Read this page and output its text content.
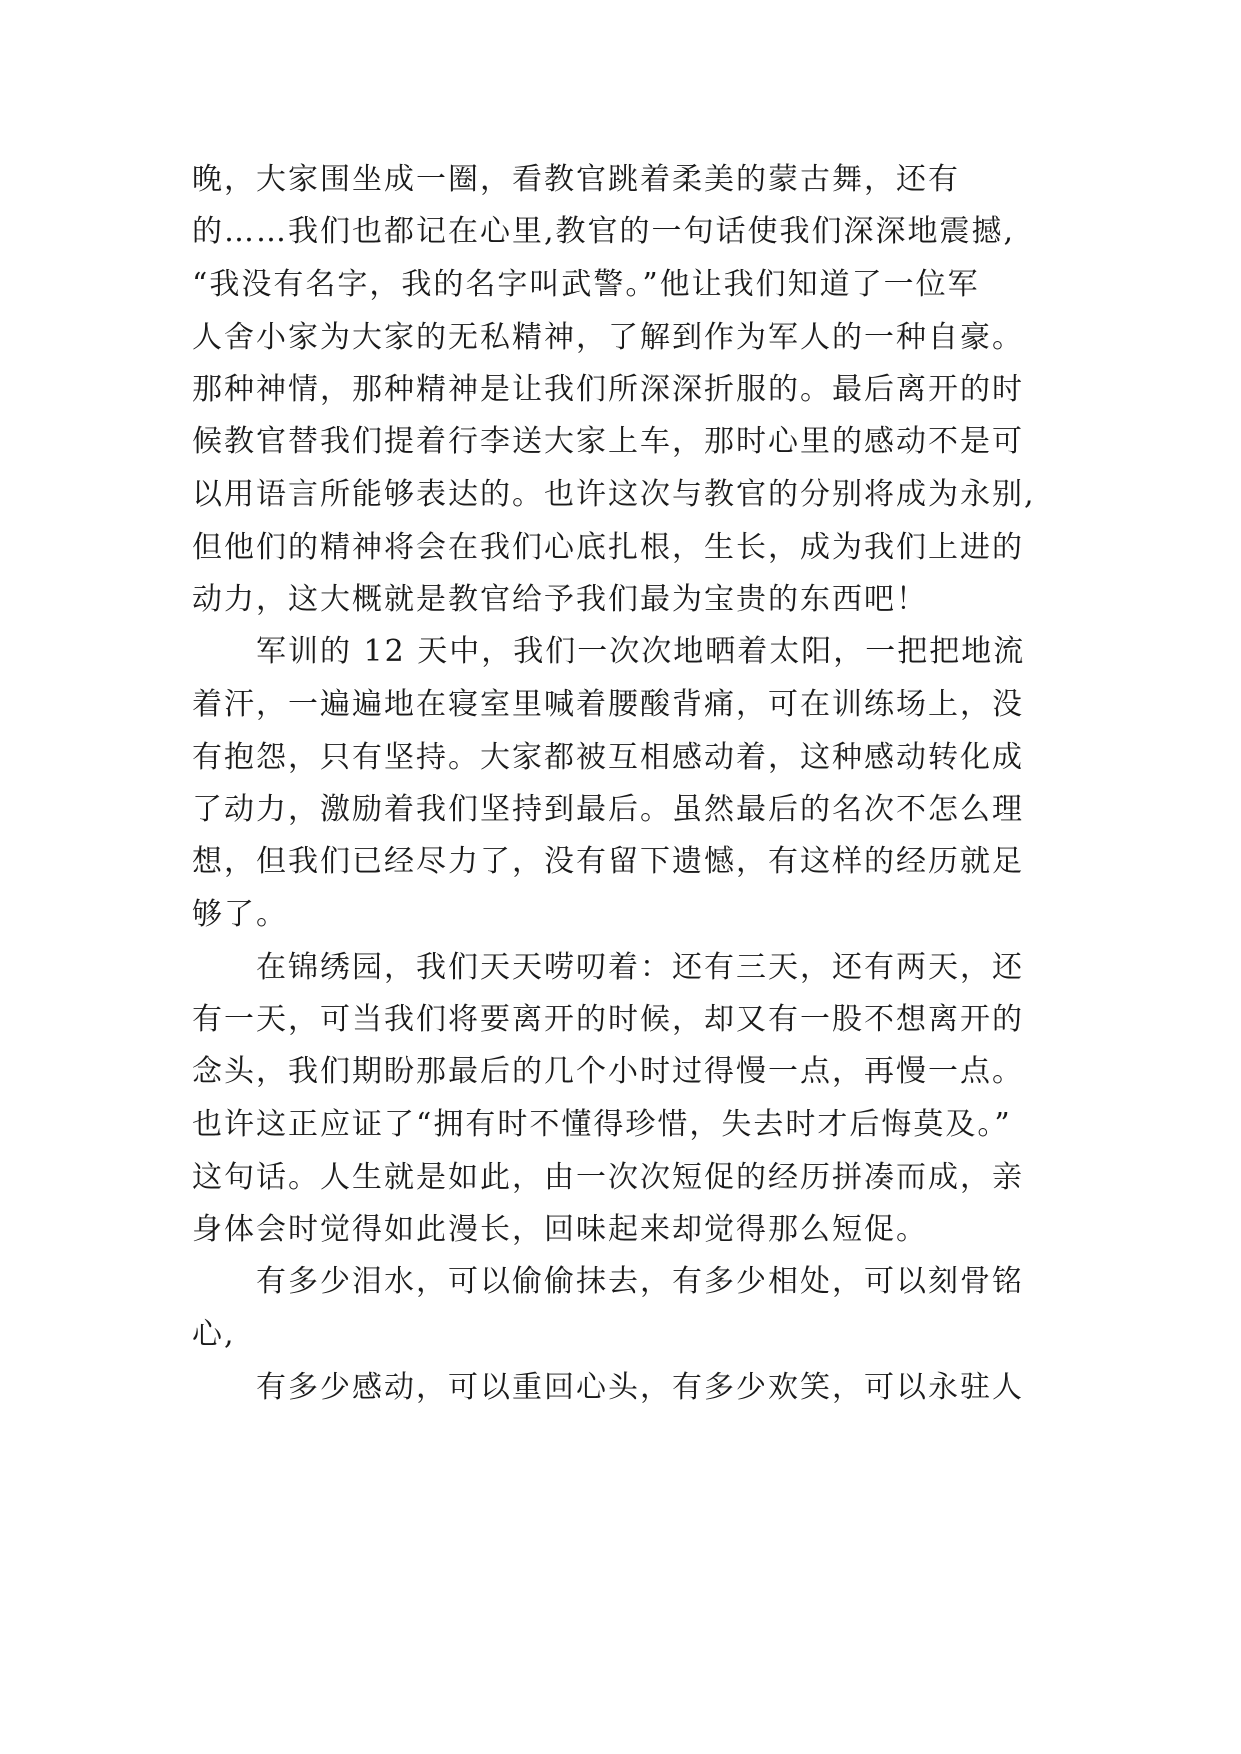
晚，大家围坐成一圈，看教官跳着柔美的蒙古舞，还有
的……我们也都记在心里,教官的一句话使我们深深地震撼,
“我没有名字，我的名字叫武警。”他让我们知道了一位军
人舍小家为大家的无私精神，了解到作为军人的一种自豪。
那种神情，那种精神是让我们所深深折服的。最后离开的时
候教官替我们提着行李送大家上车，那时心里的感动不是可
以用语言所能够表达的。也许这次与教官的分别将成为永别,
但他们的精神将会在我们心底扎根，生长，成为我们上进的
动力，这大概就是教官给予我们最为宝贵的东西吧！
军训的 12 天中，我们一次次地晒着太阳，一把把地流
着汗，一遍遍地在寝室里喊着腰酸背痛，可在训练场上，没
有抱怨，只有坚持。大家都被互相感动着，这种感动转化成
了动力，激励着我们坚持到最后。虽然最后的名次不怎么理
想，但我们已经尽力了，没有留下遗憾，有这样的经历就足
够了。
在锦绣园，我们天天唠叨着：还有三天，还有两天，还
有一天，可当我们将要离开的时候，却又有一股不想离开的
念头，我们期盼那最后的几个小时过得慢一点，再慢一点。
也许这正应证了“拥有时不懂得珍惜，失去时才后悔莫及。”
这句话。人生就是如此，由一次次短促的经历拼凑而成，亲
身体会时觉得如此漫长，回味起来却觉得那么短促。
有多少泪水，可以偷偷抹去，有多少相处，可以刻骨铭
心,
有多少感动，可以重回心头，有多少欢笑，可以永驻人
